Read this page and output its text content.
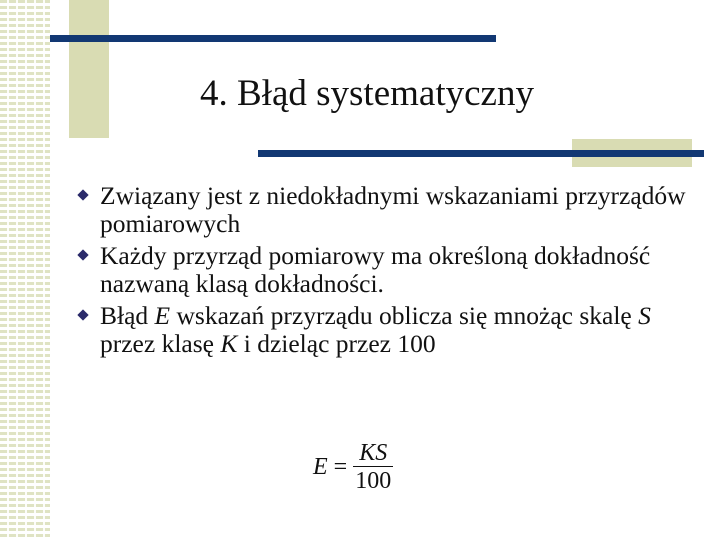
4. Błąd systematyczny
Związany jest z niedokładnymi wskazaniami przyrządów pomiarowych
Każdy przyrząd pomiarowy ma określoną dokładność nazwaną klasą dokładności.
Błąd E wskazań przyrządu oblicza się mnożąc skalę S przez klasę K i dzieląc przez 100
$E = \frac{KS}{100}$
